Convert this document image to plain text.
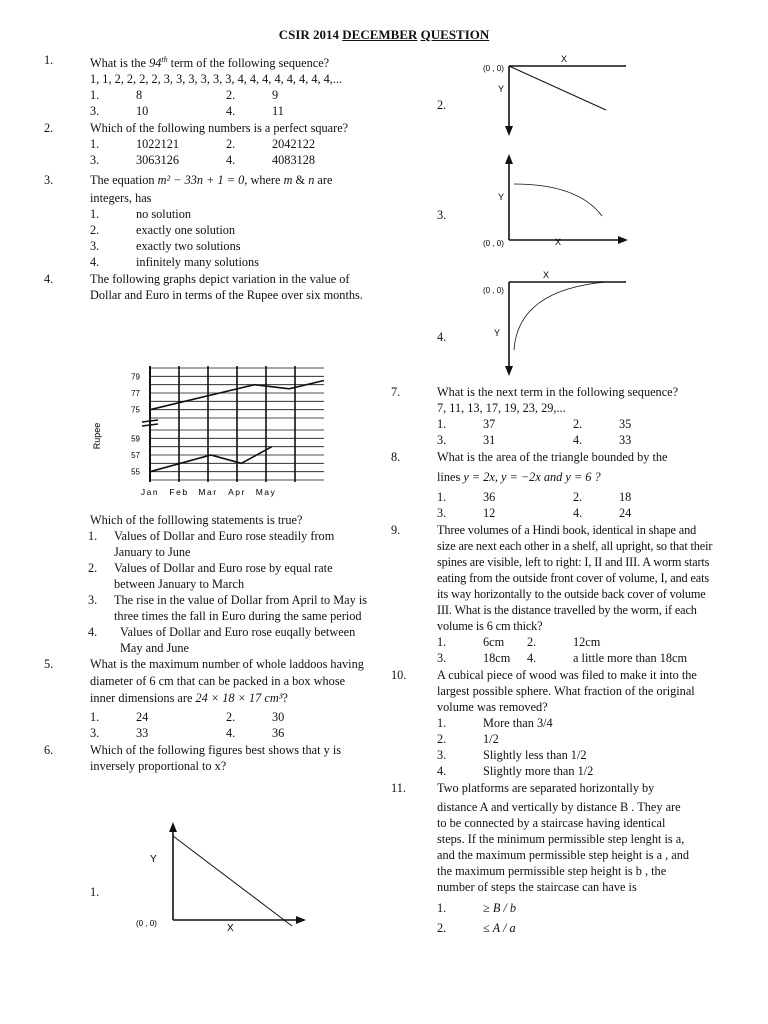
CSIR 2014 DECEMBER QUESTION
1.	What is the 94th term of the following sequence?
1, 1, 2, 2, 2, 2, 3, 3, 3, 3, 3, 3, 4, 4, 4, 4, 4, 4, 4, 4,...
1.	8	2.	9
3.	10	4.	11
2.	Which of the following numbers is a perfect square?
1.	1022121	2.	2042122
3.	3063126	4.	4083128
3.	The equation m² − 33n + 1 = 0, where m & n are
integers, has
1.	no solution
2.	exactly one solution
3.	exactly two solutions
4.	infinitely many solutions
4.	The following graphs depict variation in the value of Dollar and Euro in terms of the Rupee over six months.
Rupee
79
77
75
59
57
55
Jan Feb Mar Apr May
Which of the folllowing statements is true?
1. Values of Dollar and Euro rose steadily from January to June
2. Values of Dollar and Euro rose by equal rate between January to March
3. The rise in the value of Dollar from April to May is three times the fall in Euro during the same period
4. Values of Dollar and Euro rose euqally between May and June
5.	What is the maximum number of whole laddoos having diameter of 6 cm that can be packed in a box whose inner dimensions are 24 × 18 × 17 cm³?
1.	24	2.	30
3.	33	4.	36
6.	Which of the following figures best shows that y is inversely proportional to x?
1.
Y
X
(0 , 0)
2.
(0 , 0)
X
Y
3.
(0 , 0)	X
Y
4.
(0 , 0)
X
Y
7.	What is the next term in the following sequence?
7, 11, 13, 17, 19, 23, 29,...
1.	37	2.	35
3.	31	4.	33
8.	What is the area of the triangle bounded by the
lines y = 2x, y = −2x and y = 6 ?
1.	36	2.	18
3.	12	4.	24
9.	Three volumes of a Hindi book, identical in shape and size are next each other in a shelf, all upright, so that their spines are visible, left to right: I, II and III. A worm starts eating from the outside front cover of volume, I, and eats its way horizontally to the outside back cover of volume III. What is the distance travelled by the worm, if each volume is 6 cm thick?
1.	6cm	2.	12cm
3.	18cm	4.	a little more than 18cm
10. A cubical piece of wood was filed to make it into the largest possible sphere. What fraction of the original volume was removed?
1.	More than 3/4
2.	1/2
3.	Slightly less than 1/2
4.	Slightly more than 1/2
11.	Two platforms are separated horizontally by
distance A and vertically by distance B . They are
to be connected by a staircase having identical
steps. If the minimum permissible step lenght is a,
and the maximum permissible step height is a , and
the maximum permissible step height is b , the
number of steps the staircase can have is
1.	≥ B / b
2.	≤ A / a
